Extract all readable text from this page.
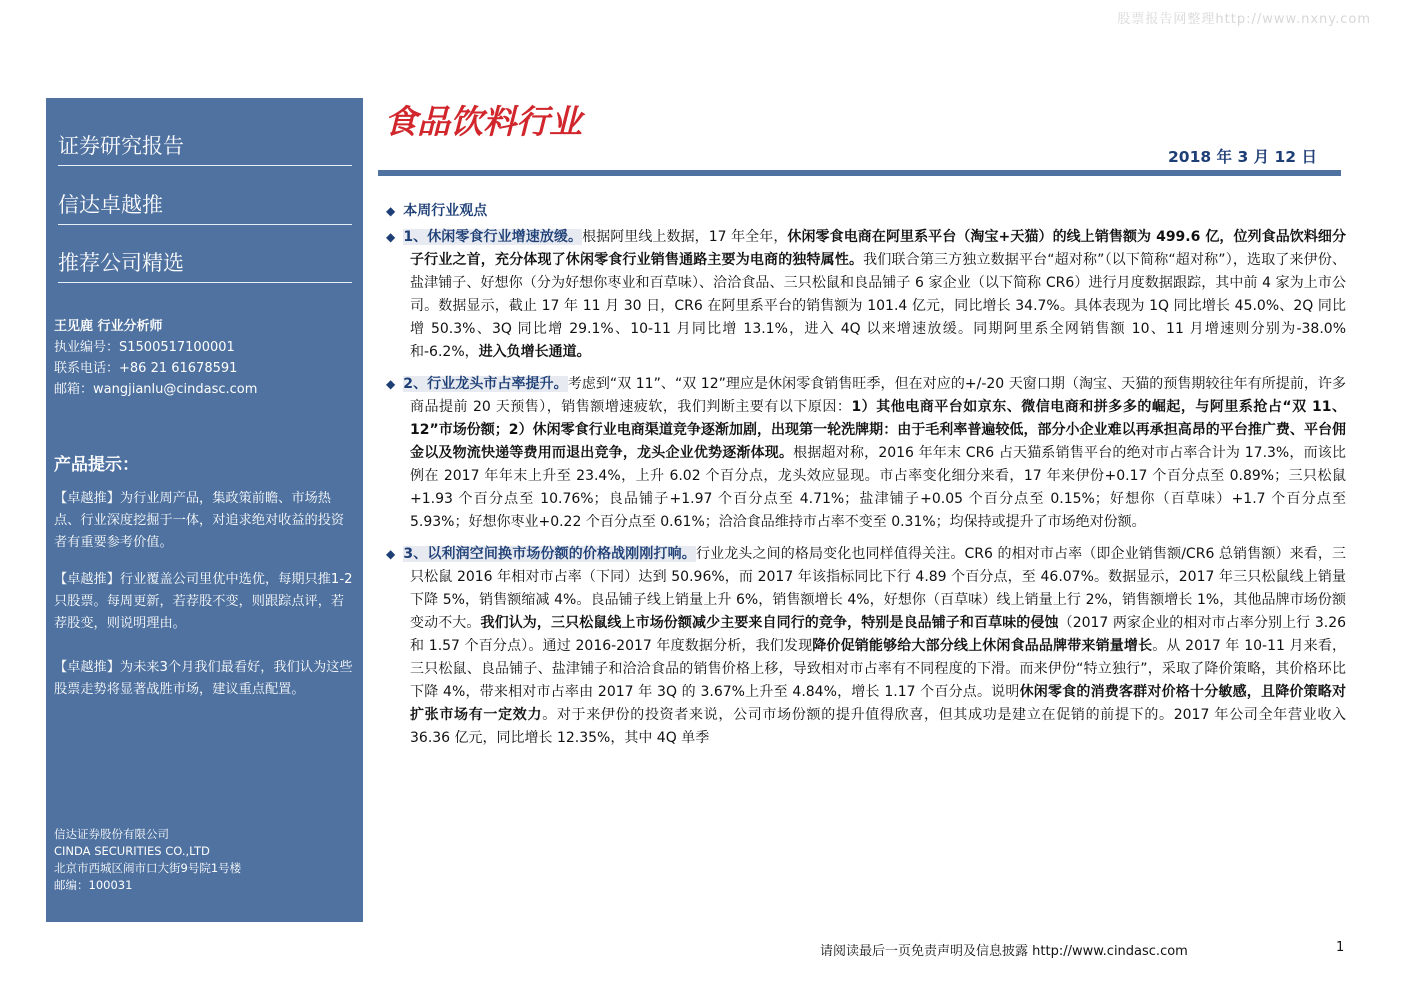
股票报告网整理http://www.nxny.com
证券研究报告
信达卓越推
推荐公司精选
王见鹿 行业分析师
执业编号：S1500517100001
联系电话：+86 21 61678591
邮箱：wangjianlu@cindasc.com
产品提示：
【卓越推】为行业周产品，集政策前瞻、市场热点、行业深度挖掘于一体，对追求绝对收益的投资者有重要参考价值。
【卓越推】行业覆盖公司里优中选优，每期只推1-2只股票。每周更新，若荐股不变，则跟踪点评，若荐股变，则说明理由。
【卓越推】为未来3个月我们最看好，我们认为这些股票走势将显著战胜市场，建议重点配置。
信达证券股份有限公司
CINDA SECURITIES CO.,LTD
北京市西城区闹市口大街9号院1号楼
邮编：100031
食品饮料行业
2018 年 3 月 12 日
◆ 本周行业观点

◆ 1、休闲零食行业增速放缓。根据阿里线上数据，17 年全年，休闲零食电商在阿里系平台（淘宝+天猫）的线上销售额为 499.6 亿，位列食品饮料细分子行业之首，充分体现了休闲零食行业销售通路主要为电商的独特属性。我们联合第三方独立数据平台“超对称”（以下简称“超对称”），选取了来伊份、盐津铺子、好想你（分为好想你枣业和百草味）、洽洽食品、三只松鼠和良品铺子 6 家企业（以下简称 CR6）进行月度数据跟踪，其中前 4 家为上市公司。数据显示，截止 17 年 11 月 30 日，CR6 在阿里系平台的销售额为 101.4 亿元，同比增长 34.7%。具体表现为 1Q 同比增长 45.0%、2Q 同比增 50.3%、3Q 同比增 29.1%、10-11 月同比增 13.1%，进入 4Q 以来增速放缓。同期阿里系全网销售额 10、11 月增速则分别为-38.0%和-6.2%，进入负增长通道。

◆ 2、行业龙头市占率提升。考虑到“双 11”、“双 12”理应是休闲零食销售旺季，但在对应的+/-20 天窗口期（淘宝、天猫的预售期较往年有所提前，许多商品提前 20 天预售），销售额增速疲软，我们判断主要有以下原因：1）其他电商平台如京东、微信电商和拼多多的崛起，与阿里系抢占“双 11、12”市场份额；2）休闲零食行业电商渠道竞争逐渐加剧，出现第一轮洗牌期：由于毛利率普遍较低，部分小企业难以再承担高昂的平台推广费、平台佣金以及物流快递等费用而退出竞争，龙头企业优势逐渐体现。根据超对称，2016 年年末 CR6 占天猫系销售平台的绝对市占率合计为 17.3%，而该比例在 2017 年年末上升至 23.4%，上升 6.02 个百分点，龙头效应显现。市占率变化细分来看，17 年来伊份+0.17 个百分点至 0.89%；三只松鼠+1.93 个百分点至 10.76%；良品铺子+1.97 个百分点至 4.71%；盐津铺子+0.05 个百分点至 0.15%；好想你（百草味）+1.7 个百分点至 5.93%；好想你枣业+0.22 个百分点至 0.61%；洽洽食品维持市占率不变至 0.31%；均保持或提升了市场绝对份额。

◆ 3、以利润空间换市场份额的价格战刚刚打响。行业龙头之间的格局变化也同样值得关注。CR6 的相对市占率（即企业销售额/CR6 总销售额）来看，三只松鼠 2016 年相对市占率（下同）达到 50.96%，而 2017 年该指标同比下行 4.89 个百分点，至 46.07%。数据显示，2017 年三只松鼠线上销量下降 5%，销售额缩减 4%。良品铺子线上销量上升 6%，销售额增长 4%，好想你（百草味）线上销量上行 2%，销售额增长 1%，其他品牌市场份额变动不大。我们认为，三只松鼠线上市场份额减少主要来自同行的竞争，特别是良品铺子和百草味的侵蚀（2017 两家企业的相对市占率分别上行 3.26 和 1.57 个百分点）。通过 2016-2017 年度数据分析，我们发现降价促销能够给大部分线上休闲食品品牌带来销量增长。从 2017 年 10-11 月来看，三只松鼠、良品铺子、盐津铺子和洽洽食品的销售价格上移，导致相对市占率有不同程度的下滑。而来伊份“特立独行”，采取了降价策略，其价格环比下降 4%，带来相对市占率由 2017 年 3Q 的 3.67%上升至 4.84%，增长 1.17 个百分点。说明休闲零食的消费客群对价格十分敏感，且降价策略对扩张市场有一定效力。对于来伊份的投资者来说，公司市场份额的提升值得欣喜，但其成功是建立在促销的前提下的。2017 年公司全年营业收入 36.36 亿元，同比增长 12.35%，其中 4Q 单季

请阅读最后一页免责声明及信息披露 http://www.cindasc.com	1
